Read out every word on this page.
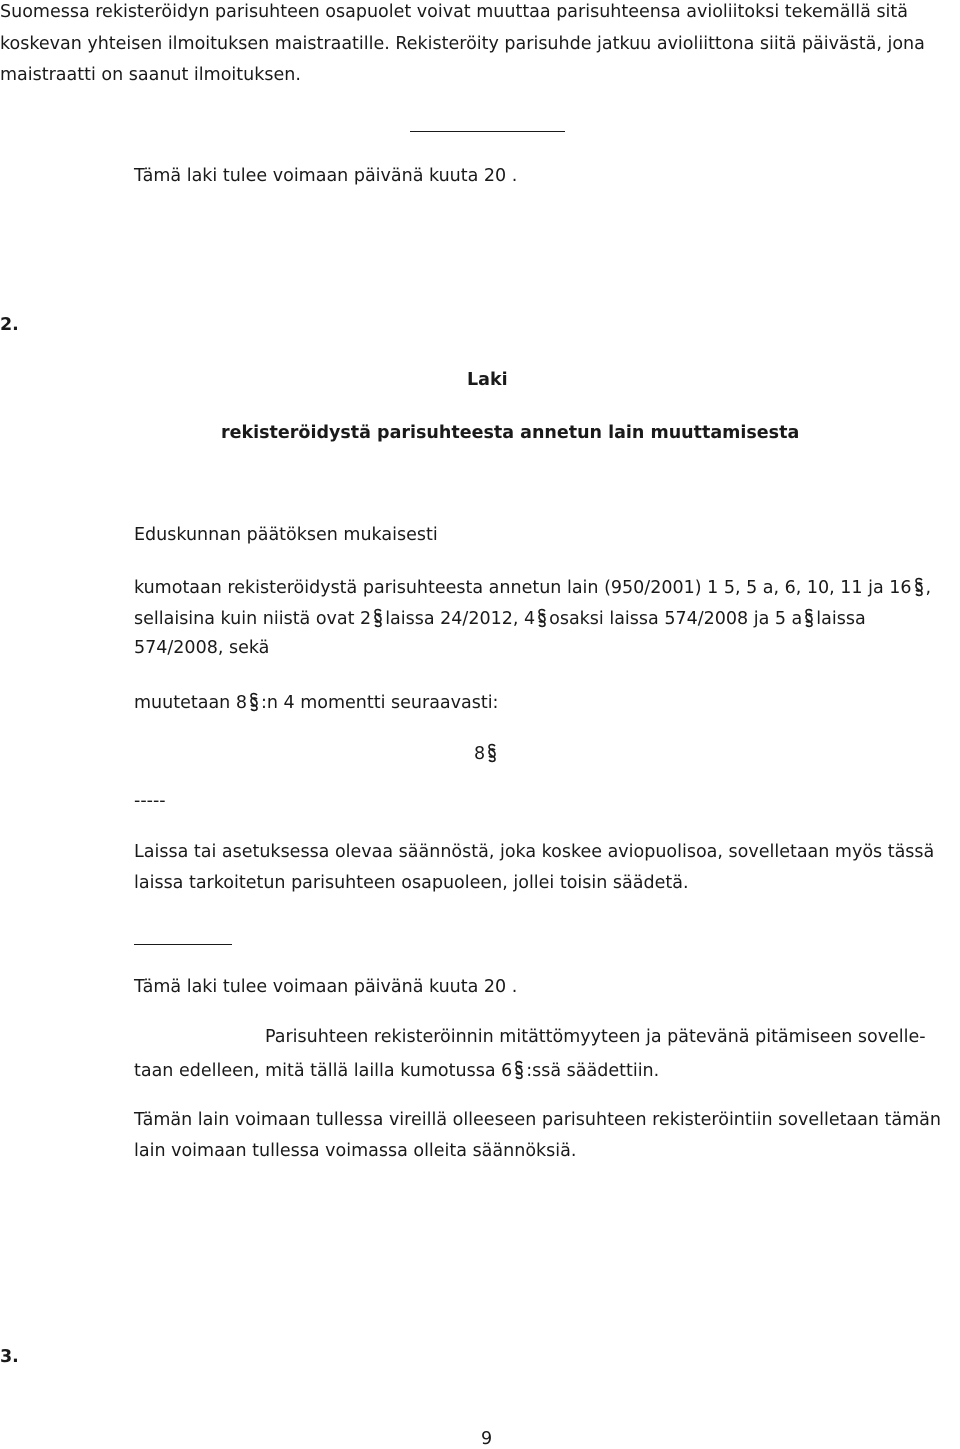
Suomessa rekisteröidyn parisuhteen osapuolet voivat muuttaa parisuhteensa avioliitoksi tekemällä sitä

koskevan yhteisen ilmoituksen maistraatille. Rekisteröity parisuhde jatkuu avioliittona siitä päivästä, jona

maistraatti on saanut ilmoituksen.

Tämä laki tulee voimaan päivänä kuuta 20 .

2.

Laki

rekisteröidystä parisuhteesta annetun lain muuttamisesta

Eduskunnan päätöksen mukaisesti

kumotaan rekisteröidystä parisuhteesta annetun lain (950/2001) 1 5, 5 a, 6, 10, 11 ja 16 ,

sellaisina kuin niistä ovat 2 laissa 24/2012, 4 osaksi laissa 574/2008 ja 5 a laissa

574/2008, sekä

muutetaan 8 :n 4 momentti seuraavasti:

8

-----

Laissa tai asetuksessa olevaa säännöstä, joka koskee aviopuolisoa, sovelletaan myös tässä

laissa tarkoitetun parisuhteen osapuoleen, jollei toisin säädetä.

Tämä laki tulee voimaan päivänä kuuta 20 .

Parisuhteen rekisteröinnin mitättömyyteen ja pätevänä pitämiseen sovelle-

taan edelleen, mitä tällä lailla kumotussa 6 :ssä säädettiin.

Tämän lain voimaan tullessa vireillä olleeseen parisuhteen rekisteröintiin sovelletaan tämän

lain voimaan tullessa voimassa olleita säännöksiä.

3.

9
